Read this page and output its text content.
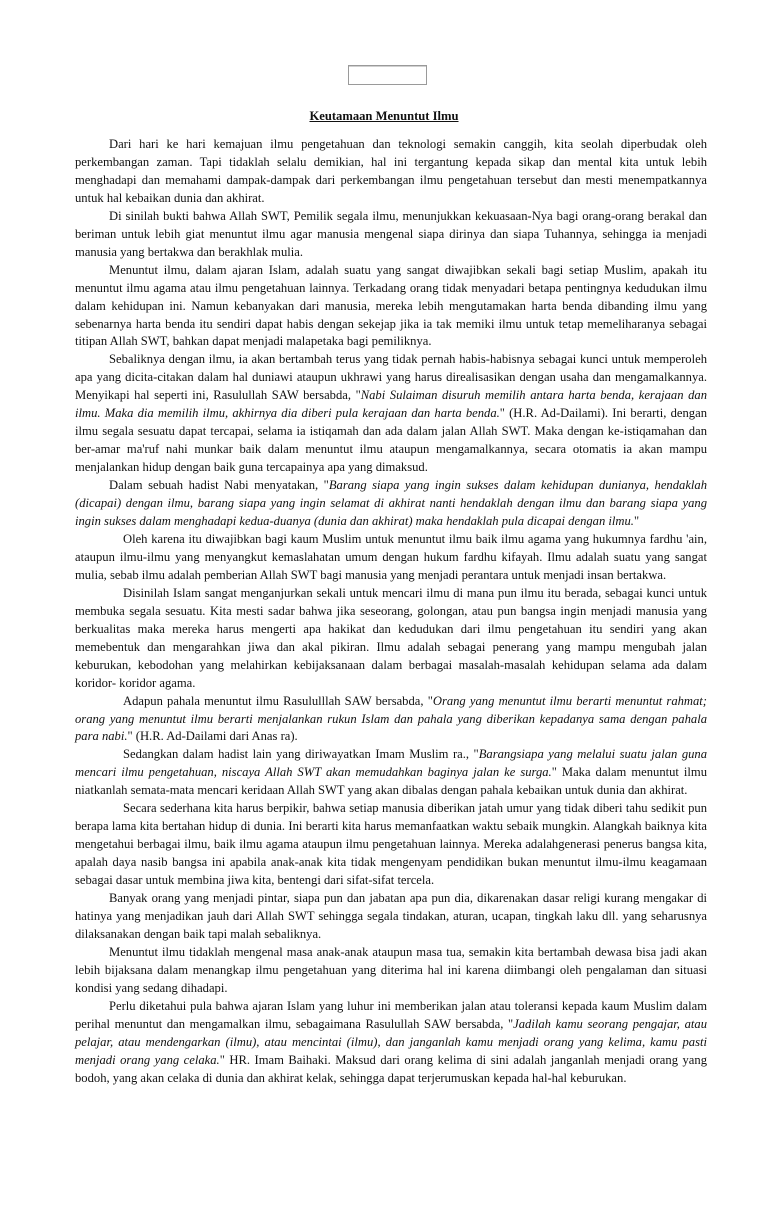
Keutamaan Menuntut Ilmu

Dari hari ke hari kemajuan ilmu pengetahuan dan teknologi semakin canggih, kita seolah diperbudak oleh perkembangan zaman. Tapi tidaklah selalu demikian, hal ini tergantung kepada sikap dan mental kita untuk lebih menghadapi dan memahami dampak-dampak dari perkembangan ilmu pengetahuan tersebut dan mesti menempatkannya untuk hal kebaikan dunia dan akhirat.

Di sinilah bukti bahwa Allah SWT, Pemilik segala ilmu, menunjukkan kekuasaan-Nya bagi orang-orang berakal dan beriman untuk lebih giat menuntut ilmu agar manusia mengenal siapa dirinya dan siapa Tuhannya, sehingga ia menjadi manusia yang bertakwa dan berakhlak mulia.

Menuntut ilmu, dalam ajaran Islam, adalah suatu yang sangat diwajibkan sekali bagi setiap Muslim, apakah itu menuntut ilmu agama atau ilmu pengetahuan lainnya. Terkadang orang tidak menyadari betapa pentingnya kedudukan ilmu dalam kehidupan ini. Namun kebanyakan dari manusia, mereka lebih mengutamakan harta benda dibanding ilmu yang sebenarnya harta benda itu sendiri dapat habis dengan sekejap jika ia tak memiki ilmu untuk tetap memeliharanya sebagai titipan Allah SWT, bahkan dapat menjadi malapetaka bagi pemiliknya.

Sebaliknya dengan ilmu, ia akan bertambah terus yang tidak pernah habis-habisnya sebagai kunci untuk memperoleh apa yang dicita-citakan dalam hal duniawi ataupun ukhrawi yang harus direalisasikan dengan usaha dan mengamalkannya. Menyikapi hal seperti ini, Rasulullah SAW bersabda, "Nabi Sulaiman disuruh memilih antara harta benda, kerajaan dan ilmu. Maka dia memilih ilmu, akhirnya dia diberi pula kerajaan dan harta benda." (H.R. Ad-Dailami). Ini berarti, dengan ilmu segala sesuatu dapat tercapai, selama ia istiqamah dan ada dalam jalan Allah SWT. Maka dengan ke-istiqamahan dan ber-amar ma'ruf nahi munkar baik dalam menuntut ilmu ataupun mengamalkannya, secara otomatis ia akan mampu menjalankan hidup dengan baik guna tercapainya apa yang dimaksud.

Dalam sebuah hadist Nabi menyatakan, "Barang siapa yang ingin sukses dalam kehidupan dunianya, hendaklah (dicapai) dengan ilmu, barang siapa yang ingin selamat di akhirat nanti hendaklah dengan ilmu dan barang siapa yang ingin sukses dalam menghadapi kedua-duanya (dunia dan akhirat) maka hendaklah pula dicapai dengan ilmu."

Oleh karena itu diwajibkan bagi kaum Muslim untuk menuntut ilmu baik ilmu agama yang hukumnya fardhu 'ain, ataupun ilmu-ilmu yang menyangkut kemaslahatan umum dengan hukum fardhu kifayah. Ilmu adalah suatu yang sangat mulia, sebab ilmu adalah pemberian Allah SWT bagi manusia yang menjadi perantara untuk menjadi insan bertakwa.

Disinilah Islam sangat menganjurkan sekali untuk mencari ilmu di mana pun ilmu itu berada, sebagai kunci untuk membuka segala sesuatu. Kita mesti sadar bahwa jika seseorang, golongan, atau pun bangsa ingin menjadi manusia yang berkualitas maka mereka harus mengerti apa hakikat dan kedudukan dari ilmu pengetahuan itu sendiri yang akan memebentuk dan mengarahkan jiwa dan akal pikiran. Ilmu adalah sebagai penerang yang mampu mengubah jalan keburukan, kebodohan yang melahirkan kebijaksanaan dalam berbagai masalah-masalah kehidupan selama ada dalam koridor- koridor agama.

Adapun pahala menuntut ilmu Rasululllah SAW bersabda, "Orang yang menuntut ilmu berarti menuntut rahmat; orang yang menuntut ilmu berarti menjalankan rukun Islam dan pahala yang diberikan kepadanya sama dengan pahala para nabi." (H.R. Ad-Dailami dari Anas ra).

Sedangkan dalam hadist lain yang diriwayatkan Imam Muslim ra., "Barangsiapa yang melalui suatu jalan guna mencari ilmu pengetahuan, niscaya Allah SWT akan memudahkan baginya jalan ke surga." Maka dalam menuntut ilmu niatkanlah semata-mata mencari keridaan Allah SWT yang akan dibalas dengan pahala kebaikan untuk dunia dan akhirat.

Secara sederhana kita harus berpikir, bahwa setiap manusia diberikan jatah umur yang tidak diberi tahu sedikit pun berapa lama kita bertahan hidup di dunia. Ini berarti kita harus memanfaatkan waktu sebaik mungkin. Alangkah baiknya kita mengetahui berbagai ilmu, baik ilmu agama ataupun ilmu pengetahuan lainnya. Mereka adalahgenerasi penerus bangsa kita, apalah daya nasib bangsa ini apabila anak-anak kita tidak mengenyam pendidikan bukan menuntut ilmu-ilmu keagamaan sebagai dasar untuk membina jiwa kita, bentengi dari sifat-sifat tercela.

Banyak orang yang menjadi pintar, siapa pun dan jabatan apa pun dia, dikarenakan dasar religi kurang mengakar di hatinya yang menjadikan jauh dari Allah SWT sehingga segala tindakan, aturan, ucapan, tingkah laku dll. yang seharusnya dilaksanakan dengan baik tapi malah sebaliknya.

Menuntut ilmu tidaklah mengenal masa anak-anak ataupun masa tua, semakin kita bertambah dewasa bisa jadi akan lebih bijaksana dalam menangkap ilmu pengetahuan yang diterima hal ini karena diimbangi oleh pengalaman dan situasi kondisi yang sedang dihadapi.

Perlu diketahui pula bahwa ajaran Islam yang luhur ini memberikan jalan atau toleransi kepada kaum Muslim dalam perihal menuntut dan mengamalkan ilmu, sebagaimana Rasulullah SAW bersabda, "Jadilah kamu seorang pengajar, atau pelajar, atau mendengarkan (ilmu), atau mencintai (ilmu), dan janganlah kamu menjadi orang yang kelima, kamu pasti menjadi orang yang celaka." HR. Imam Baihaki. Maksud dari orang kelima di sini adalah janganlah menjadi orang yang bodoh, yang akan celaka di dunia dan akhirat kelak, sehingga dapat terjerumuskan kepada hal-hal keburukan.
